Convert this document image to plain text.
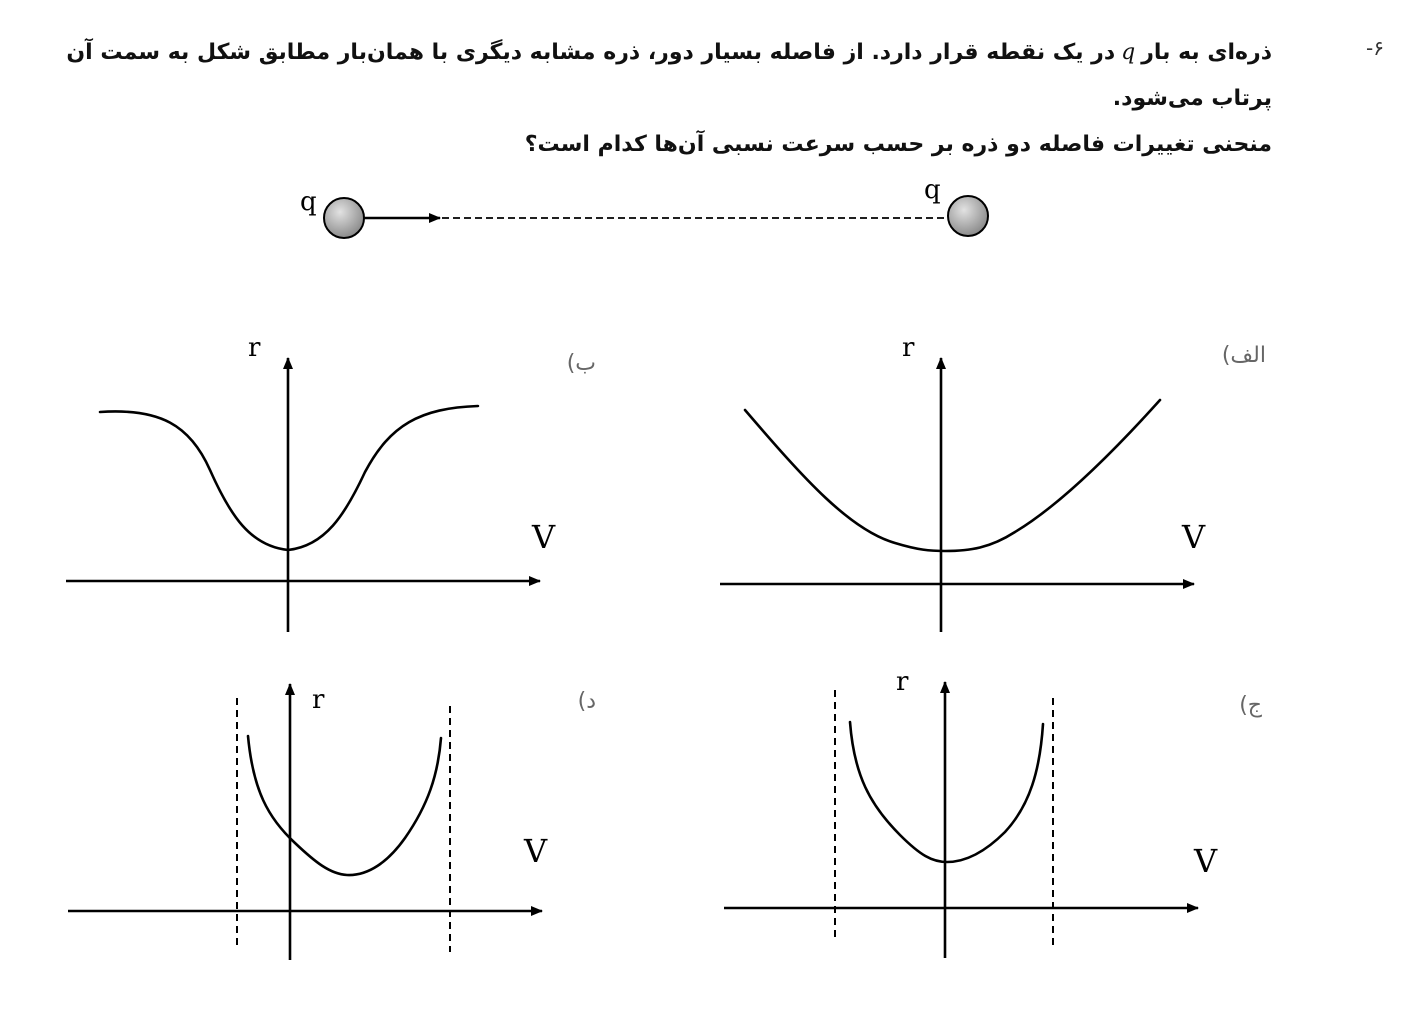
۶-
ذره‌ای به بارqدر یک نقطه قرار دارد. از فاصله بسیار دور، ذره مشابه دیگری با همان‌بار مطابق شکل به سمت آن پرتاب می‌شود.
منحنی تغییرات فاصله دو ذره بر حسب سرعت نسبی آن‌ها کدام است؟
q	q
الف)
r
V
ب)
r
V
ج)
r
V
د)
r
V
